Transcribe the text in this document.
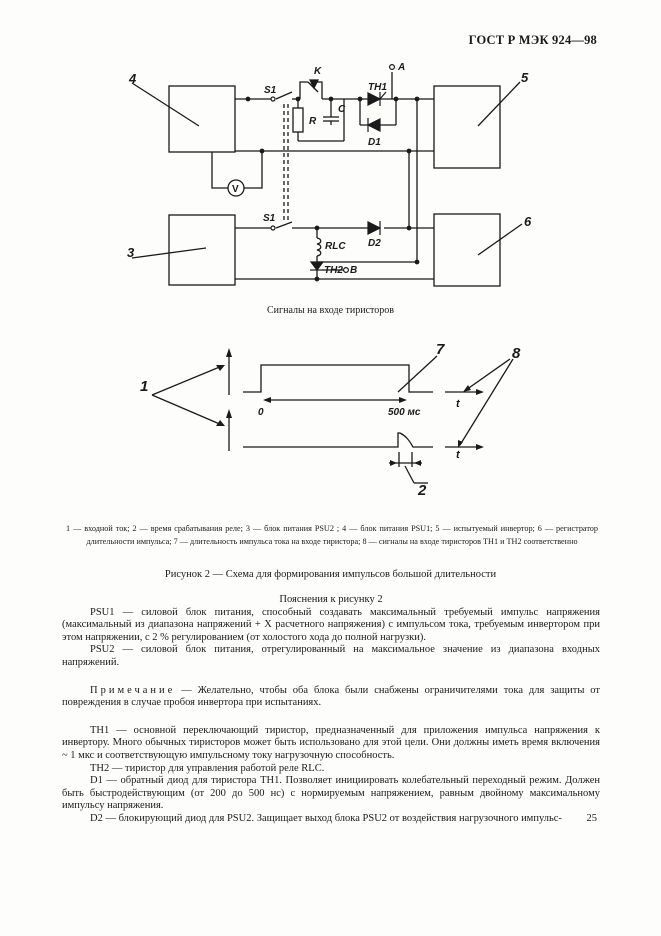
ГОСТ Р МЭК 924—98
4
3
5
6
S1
K	A
TH1
R
C
D1
V
S1
RLC D2
TH2 B
Сигналы на входе тиристоров
1
7	8
2
0	500 мс
t
t
1 — входной ток; 2 — время срабатывания реле; 3 — блок питания PSU2 ; 4 — блок питания PSU1; 5 — испытуемый инвертор; 6 — регистратор длительности импульса; 7 — длительность импульса тока на входе тиристора; 8 — сигналы на входе тиристоров TH1 и TH2 соответственно
Рисунок 2 — Схема для формирования импульсов большой длительности

Пояснения к рисунку 2

PSU1 — силовой блок питания, способный создавать максимальный требуемый импульс напряжения (максимальный из диапазона напряжений + X расчетного напряжения) с импульсом тока, требуемым инвертором при этом напряжении, с 2 % регулированием (от холостого хода до полной нагрузки).

PSU2 — силовой блок питания, отрегулированный на максимальное значение из диапазона входных напряжений.

Примечание — Желательно, чтобы оба блока были снабжены ограничителями тока для защиты от повреждения в случае пробоя инвертора при испытаниях.

TH1 — основной переключающий тиристор, предназначенный для приложения импульса напряжения к инвертору. Много обычных тиристоров может быть использовано для этой цели. Они должны иметь время включения ~ 1 мкс и соответствующую импульсному току нагрузочную способность.

TH2 — тиристор для управления работой реле RLC.

D1 — обратный диод для тиристора TH1. Позволяет инициировать колебательный переходный режим. Должен быть быстродействующим (от 200 до 500 нс) с нормируемым напряжением, равным двойному максимальному импульсу напряжения.

D2 — блокирующий диод для PSU2. Защищает выход блока PSU2 от воздействия нагрузочного импульс-	25
